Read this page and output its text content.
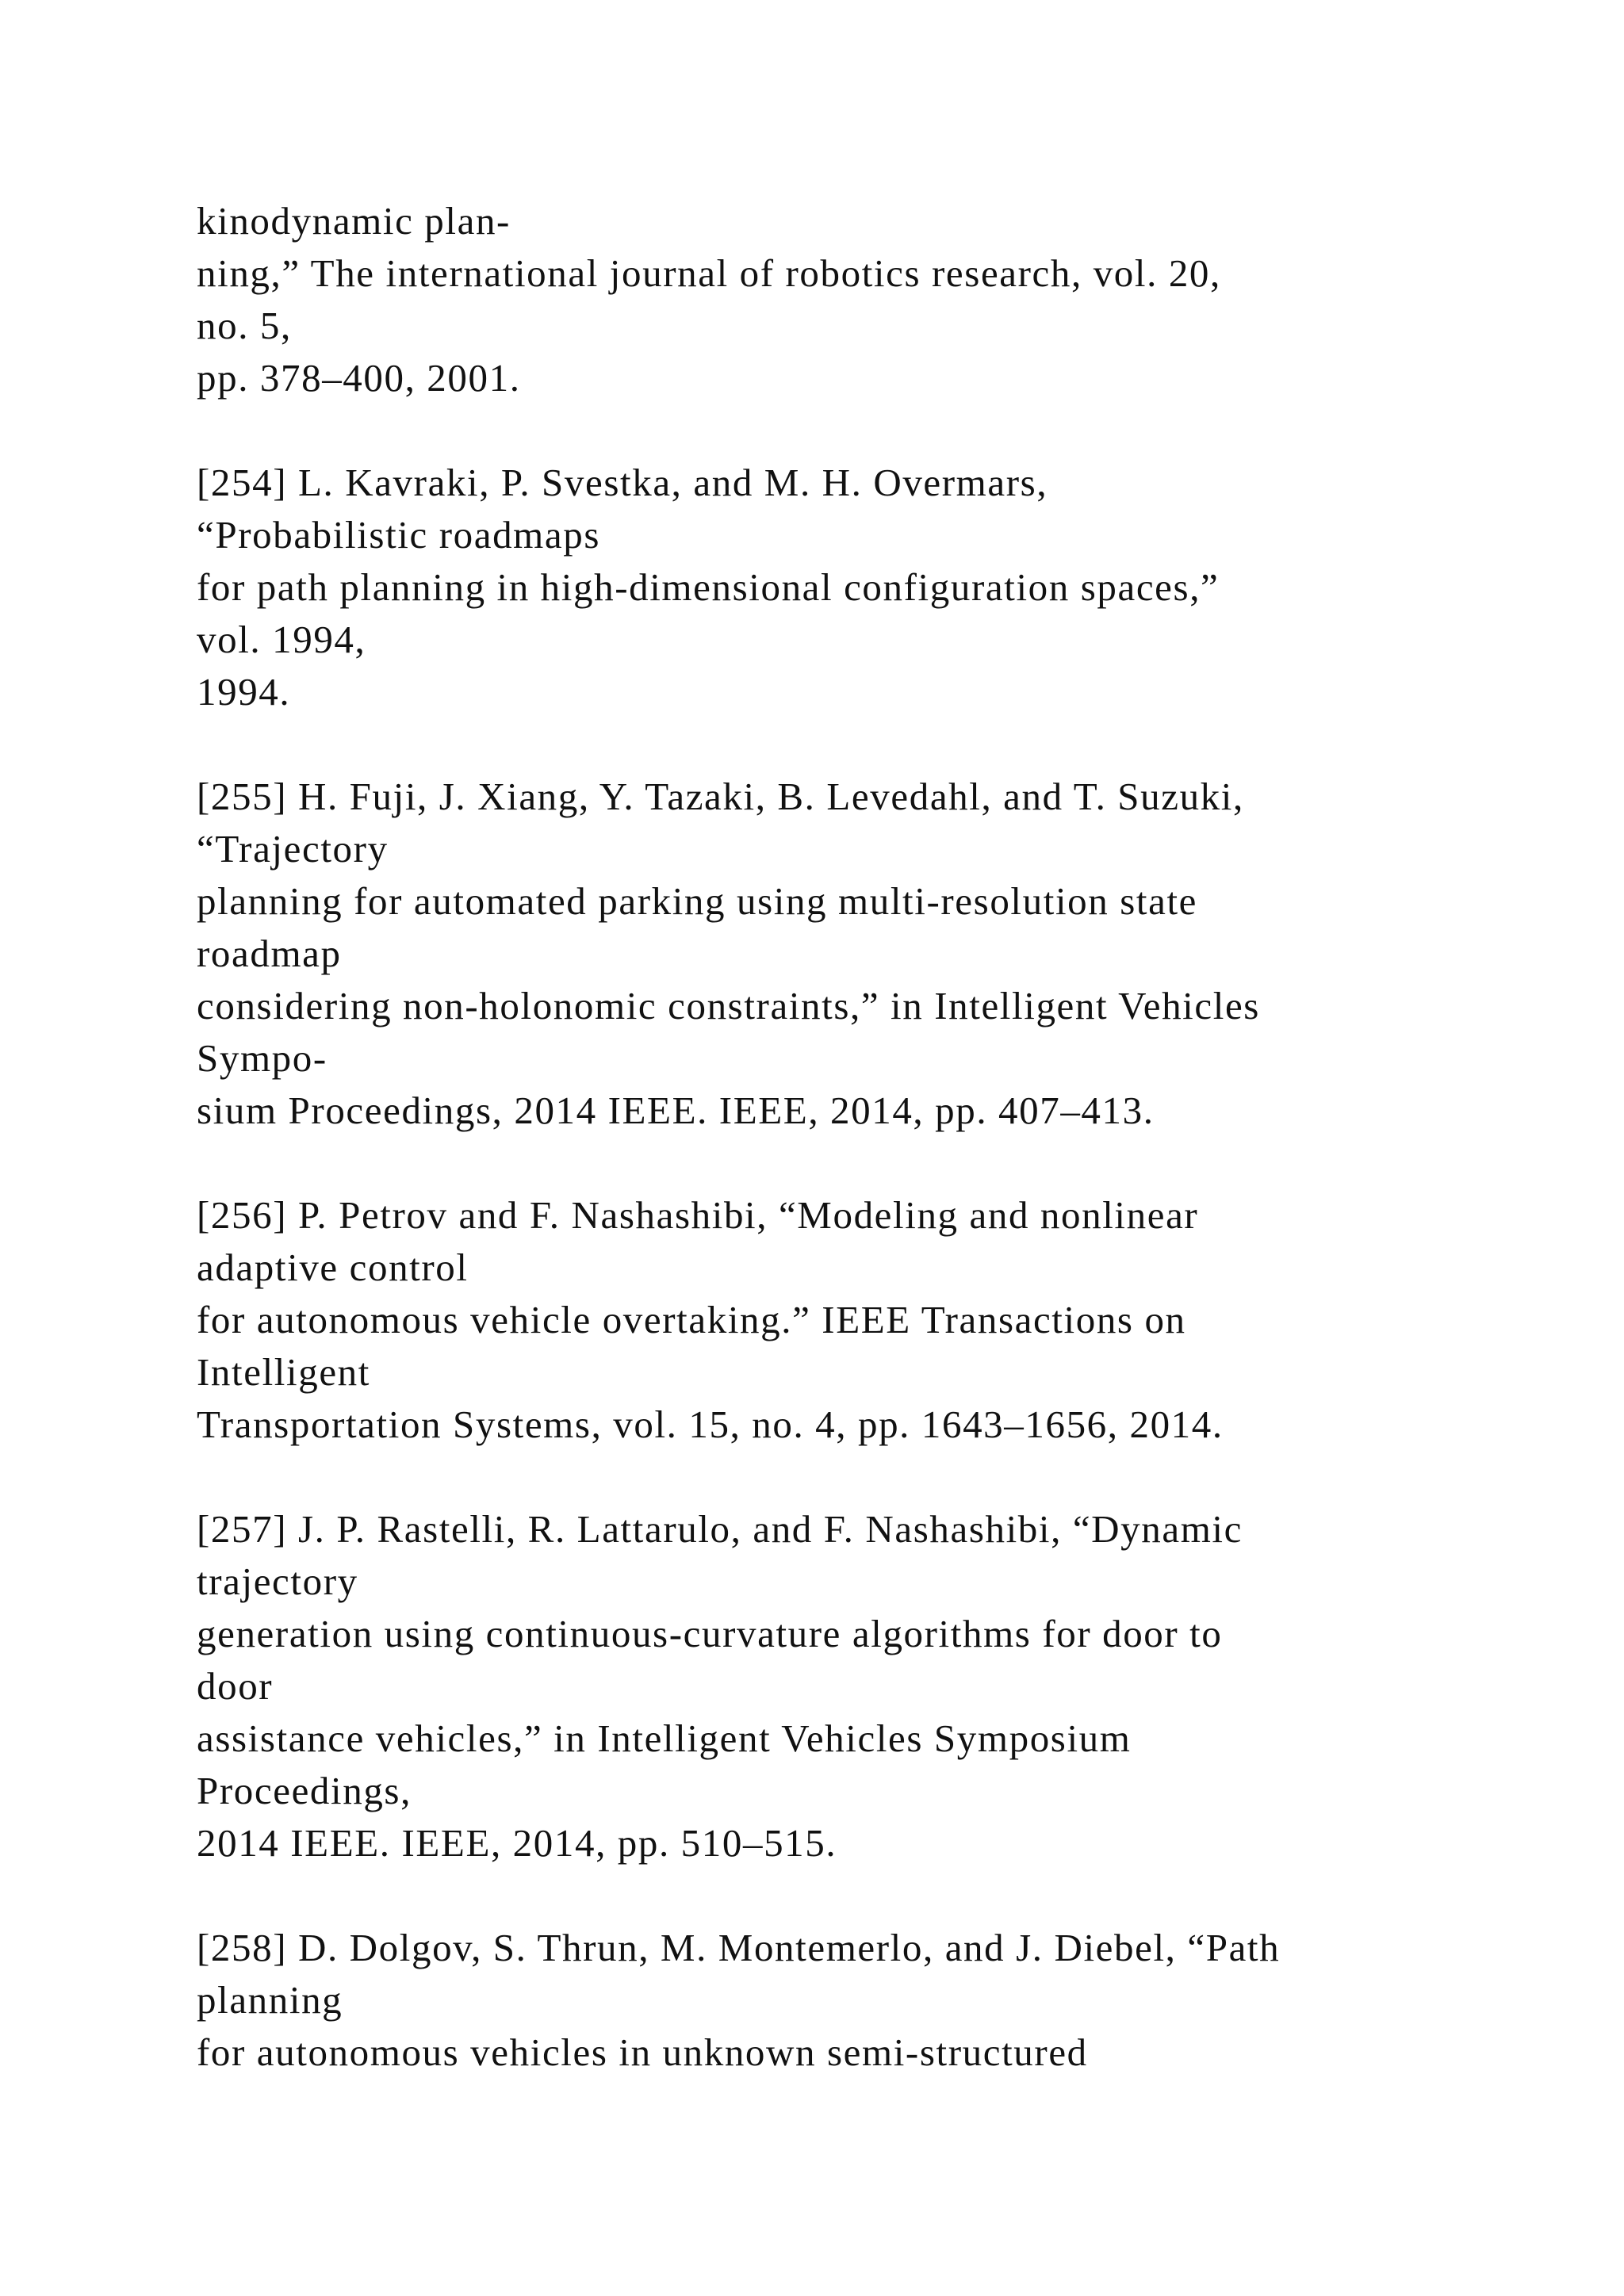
kinodynamic plan-
ning,” The international journal of robotics research, vol. 20,
no. 5,
pp. 378–400, 2001.
[254] L. Kavraki, P. Svestka, and M. H. Overmars,
“Probabilistic roadmaps
for path planning in high-dimensional configuration spaces,”
vol. 1994,
1994.
[255] H. Fuji, J. Xiang, Y. Tazaki, B. Levedahl, and T. Suzuki,
“Trajectory
planning for automated parking using multi-resolution state
roadmap
considering non-holonomic constraints,” in Intelligent Vehicles
Sympo-
sium Proceedings, 2014 IEEE. IEEE, 2014, pp. 407–413.
[256] P. Petrov and F. Nashashibi, “Modeling and nonlinear
adaptive control
for autonomous vehicle overtaking.” IEEE Transactions on
Intelligent
Transportation Systems, vol. 15, no. 4, pp. 1643–1656, 2014.
[257] J. P. Rastelli, R. Lattarulo, and F. Nashashibi, “Dynamic
trajectory
generation using continuous-curvature algorithms for door to
door
assistance vehicles,” in Intelligent Vehicles Symposium
Proceedings,
2014 IEEE. IEEE, 2014, pp. 510–515.
[258] D. Dolgov, S. Thrun, M. Montemerlo, and J. Diebel, “Path
planning
for autonomous vehicles in unknown semi-structured
